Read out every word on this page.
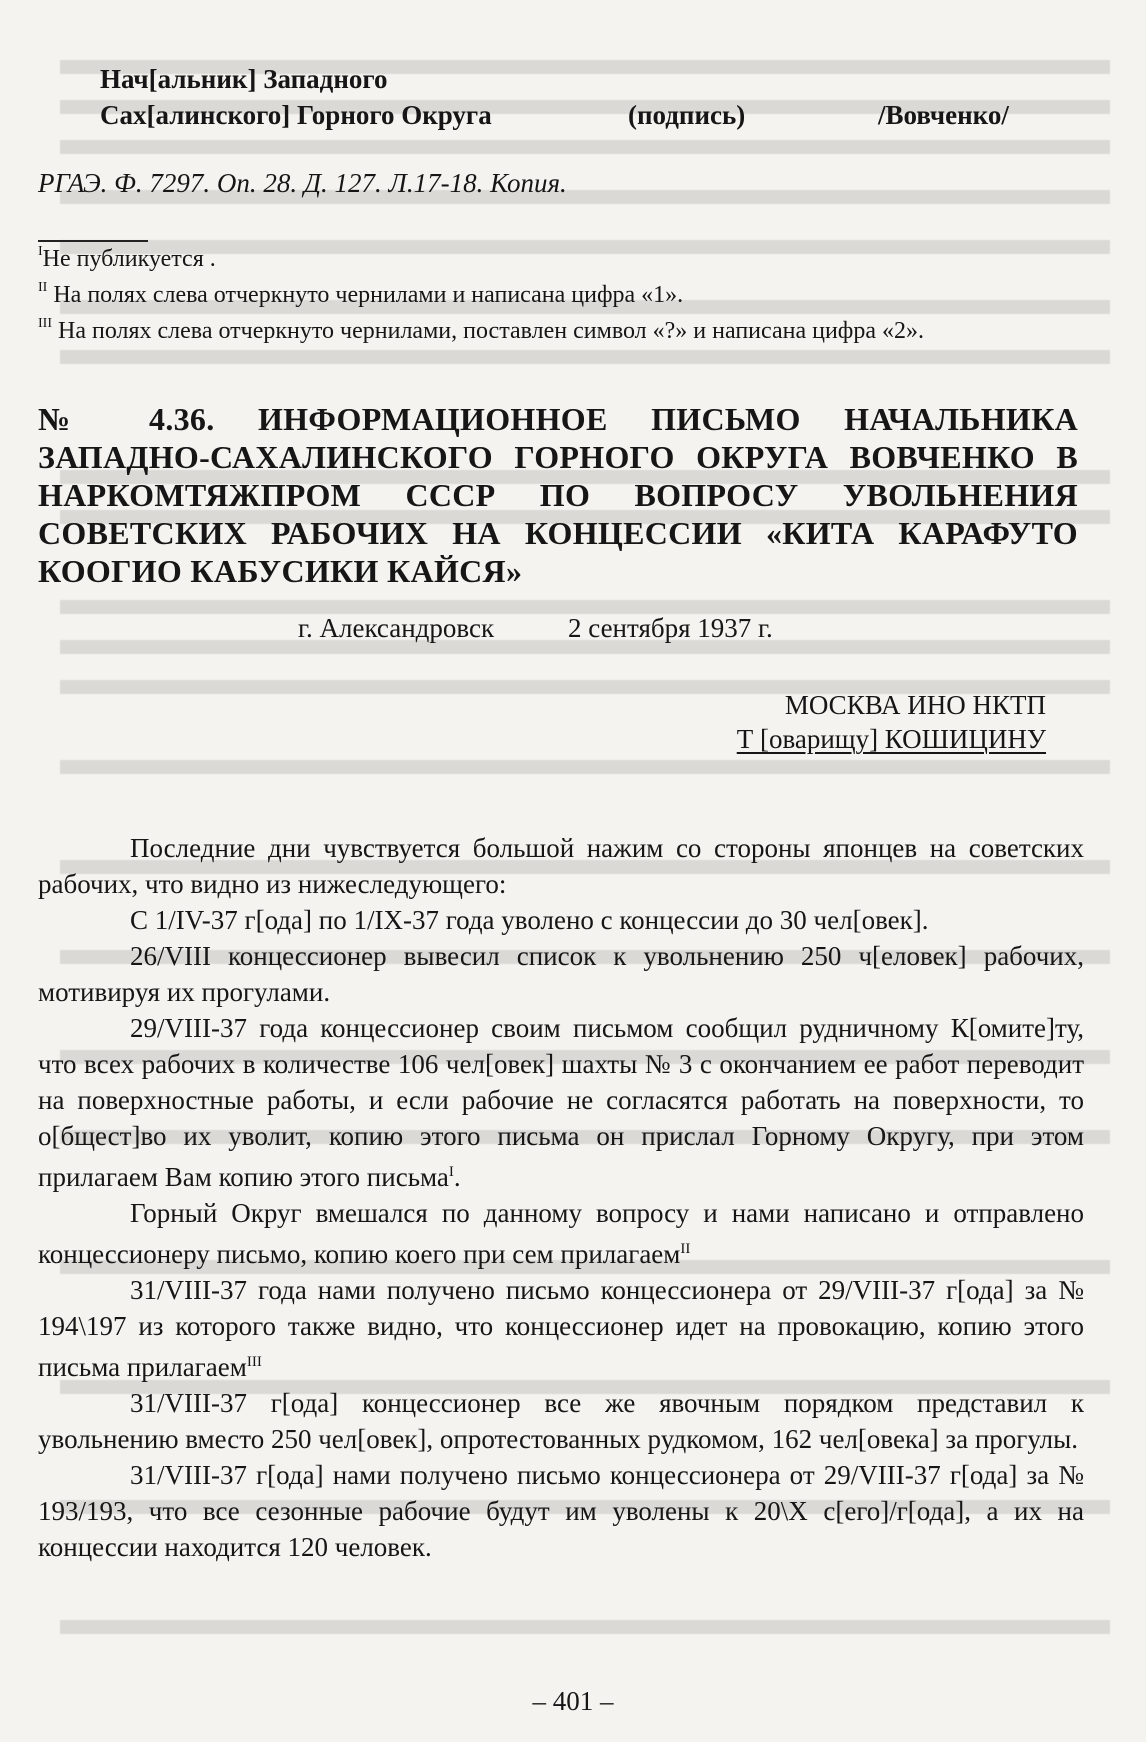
Нач[альник] Западного
Сах[алинского] Горного Округа	(подпись)	/Вовченко/
РГАЭ. Ф. 7297. Оп. 28. Д. 127. Л.17-18. Копия.
$^I$Не публикуется .
$^{II}$ На полях слева отчеркнуто чернилами и написана цифра «1».
$^{III}$ На полях слева отчеркнуто чернилами, поставлен символ «?» и написана цифра «2».
№ 4.36. ИНФОРМАЦИОННОЕ ПИСЬМО НАЧАЛЬНИКА ЗАПАДНО-САХАЛИНСКОГО ГОРНОГО ОКРУГА ВОВЧЕНКО В НАРКОМТЯЖПРОМ СССР ПО ВОПРОСУ УВОЛЬНЕНИЯ СОВЕТСКИХ РАБОЧИХ НА КОНЦЕССИИ «КИТА КАРАФУТО КООГИО КАБУСИКИ КАЙСЯ»
г. Александровск	2 сентября 1937 г.
МОСКВА ИНО НКТП
Т [оварищу] КОШИЦИНУ

Последние дни чувствуется большой нажим со стороны японцев на советских рабочих, что видно из нижеследующего:

С 1/IV-37 г[ода] по 1/IX-37 года уволено с концессии до 30 чел[овек].

26/VIII концессионер вывесил список к увольнению 250 ч[еловек] рабочих, мотивируя их прогулами.

29/VIII-37 года концессионер своим письмом сообщил рудничному К[омите]ту, что всех рабочих в количестве 106 чел[овек] шахты № 3 с окончанием ее работ переводит на поверхностные работы, и если рабочие не согласятся работать на поверхности, то о[бщест]во их уволит, копию этого письма он прислал Горному Округу, при этом прилагаем Вам копию этого письма$^I$.

Горный Округ вмешался по данному вопросу и нами написано и отправлено концессионеру письмо, копию коего при сем прилагаем$^{II}$

31/VIII-37 года нами получено письмо концессионера от 29/VIII-37 г[ода] за № 194\197 из которого также видно, что концессионер идет на провокацию, копию этого письма прилагаем$^{III}$

31/VIII-37 г[ода] концессионер все же явочным порядком представил к увольнению вместо 250 чел[овек], опротестованных рудкомом, 162 чел[овека] за прогулы.

31/VIII-37 г[ода] нами получено письмо концессионера от 29/VIII-37 г[ода] за № 193/193, что все сезонные рабочие будут им уволены к 20\X с[его]/г[ода], а их на концессии находится 120 человек.

– 401 –
